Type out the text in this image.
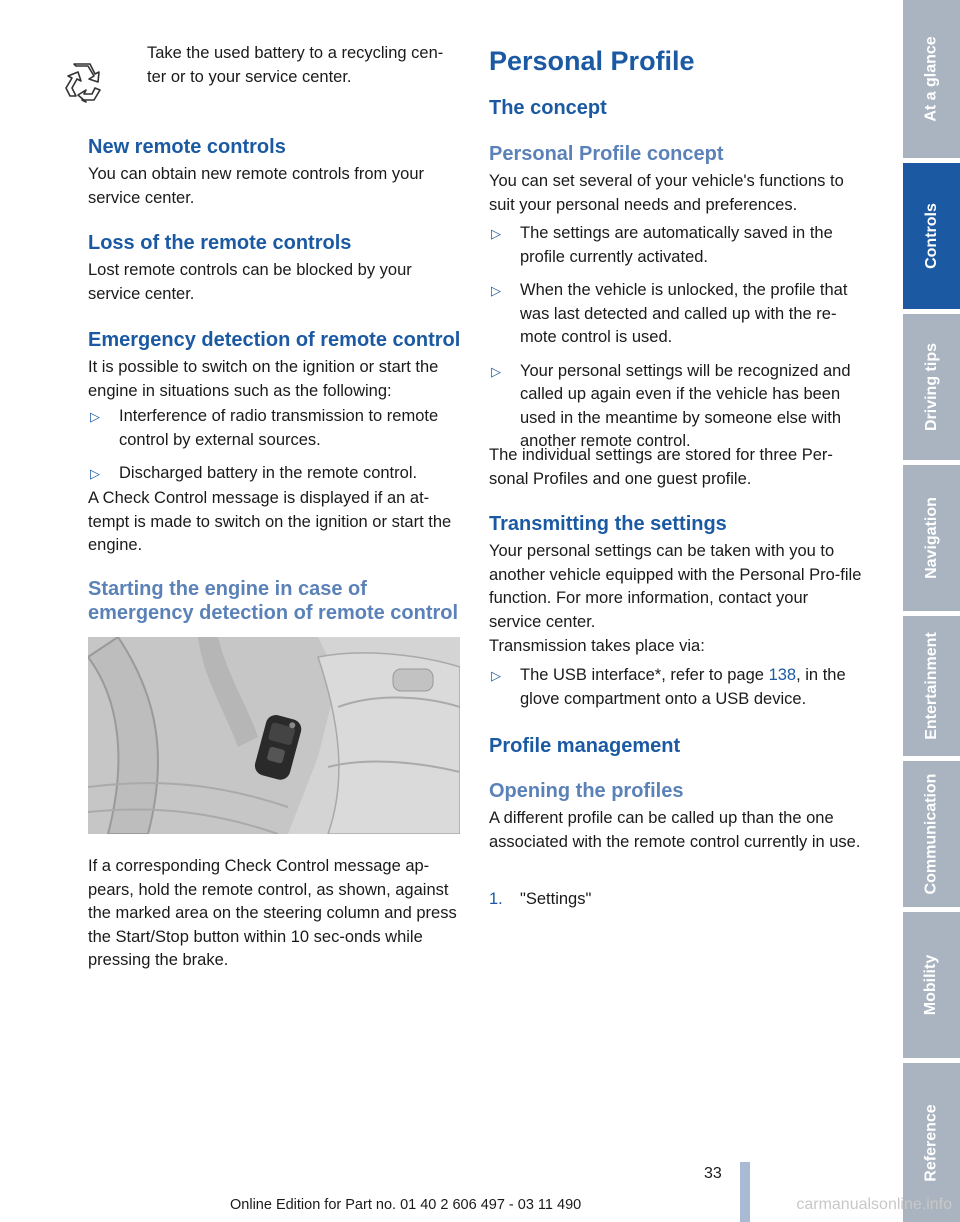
Take the used battery to a recycling cen-ter or to your service center.

New remote controls

You can obtain new remote controls from your service center.

Loss of the remote controls

Lost remote controls can be blocked by your service center.

Emergency detection of remote control

It is possible to switch on the ignition or start the engine in situations such as the following:

▷ Interference of radio transmission to remote control by external sources.
▷ Discharged battery in the remote control.

A Check Control message is displayed if an at-tempt is made to switch on the ignition or start the engine.

Starting the engine in case of
emergency detection of remote control

If a corresponding Check Control message ap-pears, hold the remote control, as shown, against the marked area on the steering column and press the Start/Stop button within 10 sec-onds while pressing the brake.

Personal Profile
The concept
Personal Profile concept

You can set several of your vehicle's functions to suit your personal needs and preferences.

▷ The settings are automatically saved in the profile currently activated.
▷ When the vehicle is unlocked, the profile that was last detected and called up with the re-mote control is used.
▷ Your personal settings will be recognized and called up again even if the vehicle has been used in the meantime by someone else with another remote control.

The individual settings are stored for three Per-sonal Profiles and one guest profile.

Transmitting the settings

Your personal settings can be taken with you to another vehicle equipped with the Personal Pro-file function. For more information, contact your service center.

Transmission takes place via:

▷ The USB interface*, refer to page 138, in the glove compartment onto a USB device.
Profile management
Opening the profiles

A different profile can be called up than the one associated with the remote control currently in use.

1. "Settings"
At a glance
Controls
Driving tips
Navigation
Entertainment
Communication
Mobility
Reference
33
Online Edition for Part no. 01 40 2 606 497 - 03 11 490	carmanualsonline.info
